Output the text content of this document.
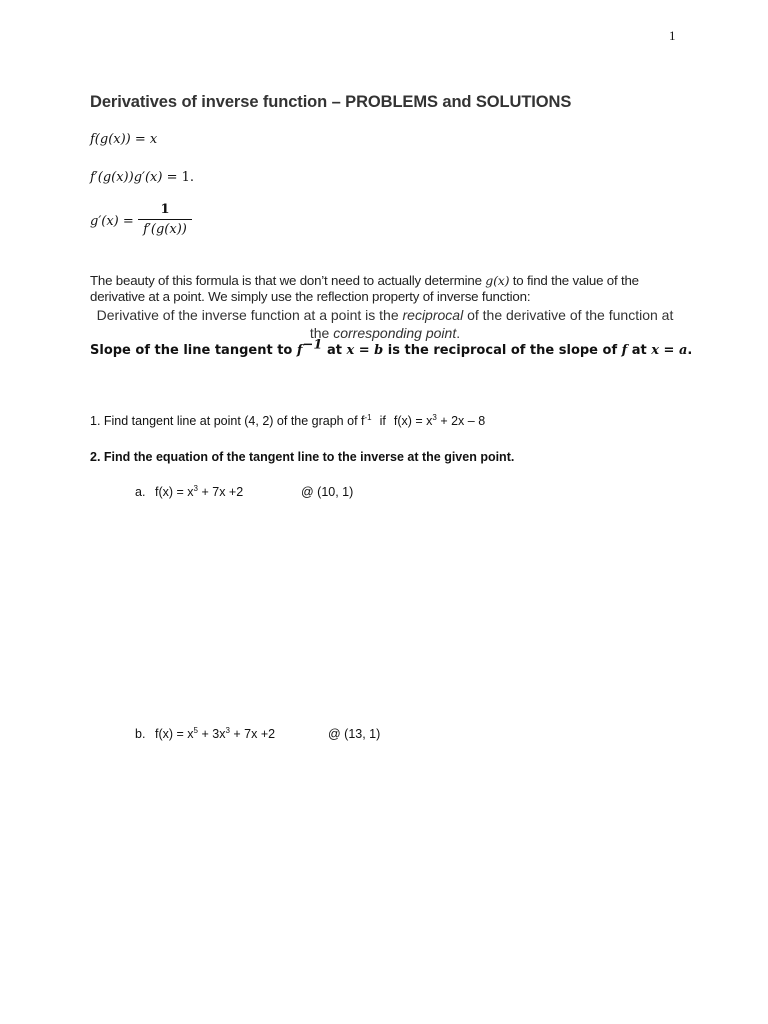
1
Derivatives of inverse function – PROBLEMS and SOLUTIONS
f(g(x)) = x
f′(g(x))g′(x) = 1.
g′(x) =
1
f′(g(x))
The beauty of this formula is that we don’t need to actually determine g(x) to find the value of the derivative at a point. We simply use the reflection property of inverse function:
Derivative of the inverse function at a point is the reciprocal of the derivative of the function at the corresponding point.
Slope of the line tangent to $f^{-1}$ at x = b is the reciprocal of the slope of f at x = a.
1. Find tangent line at point (4, 2) of the graph of $f^{-1}$ if $f(x) = x^3 + 2x - 8$
2. Find the equation of the tangent line to the inverse at the given point.
a. $f(x) = x^3 + 7x +2$	@ (10, 1)
b. $f(x) = x^5 + 3x^3 + 7x +2$	@ (13, 1)
